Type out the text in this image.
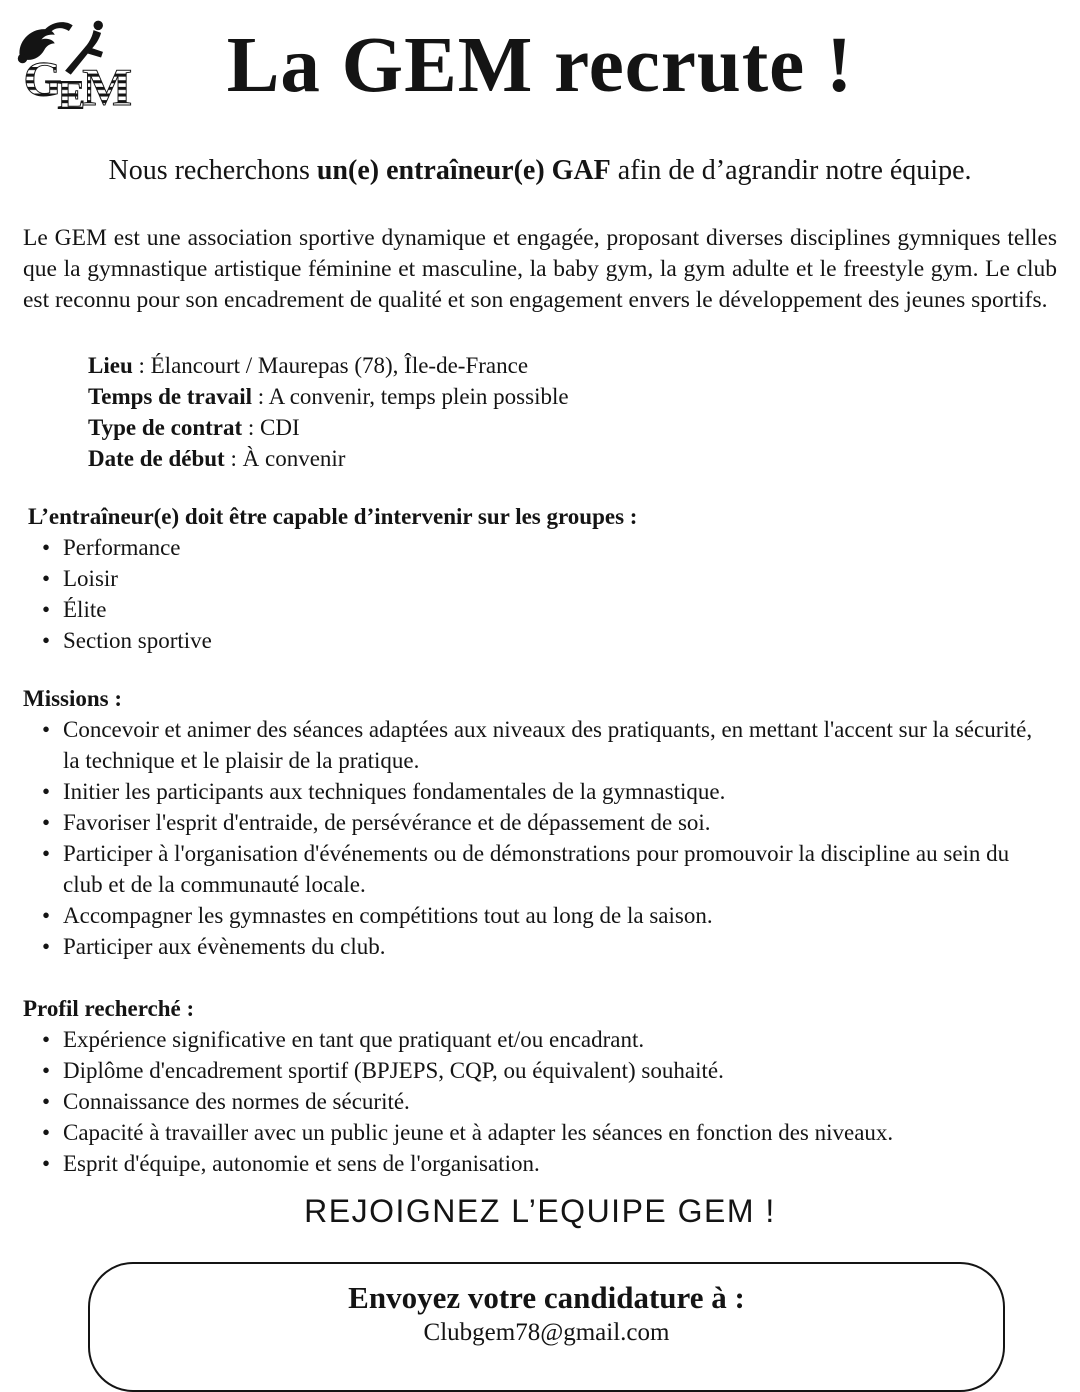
G
E
M	La GEM recrute !
Nous recherchons un(e) entraîneur(e) GAF afin de d’agrandir notre équipe.

Le GEM est une association sportive dynamique et engagée, proposant diverses disciplines gymniques telles que la gymnastique artistique féminine et masculine, la baby gym, la gym adulte et le freestyle gym. Le club est reconnu pour son encadrement de qualité et son engagement envers le développement des jeunes sportifs.

Lieu : Élancourt / Maurepas (78), Île-de-France
Temps de travail : A convenir, temps plein possible
Type de contrat : CDI
Date de début : À convenir
L’entraîneur(e) doit être capable d’intervenir sur les groupes :
• Performance
• Loisir
• Élite
• Section sportive
Missions :
• Concevoir et animer des séances adaptées aux niveaux des pratiquants, en mettant l'accent sur la sécurité, la technique et le plaisir de la pratique.
• Initier les participants aux techniques fondamentales de la gymnastique.
• Favoriser l'esprit d'entraide, de persévérance et de dépassement de soi.
• Participer à l'organisation d'événements ou de démonstrations pour promouvoir la discipline au sein du club et de la communauté locale.
• Accompagner les gymnastes en compétitions tout au long de la saison.
• Participer aux évènements du club.
Profil recherché :
• Expérience significative en tant que pratiquant et/ou encadrant.
• Diplôme d'encadrement sportif (BPJEPS, CQP, ou équivalent) souhaité.
• Connaissance des normes de sécurité.
• Capacité à travailler avec un public jeune et à adapter les séances en fonction des niveaux.
• Esprit d'équipe, autonomie et sens de l'organisation.
REJOIGNEZ L’EQUIPE GEM !
Envoyez votre candidature à :
Clubgem78@gmail.com
